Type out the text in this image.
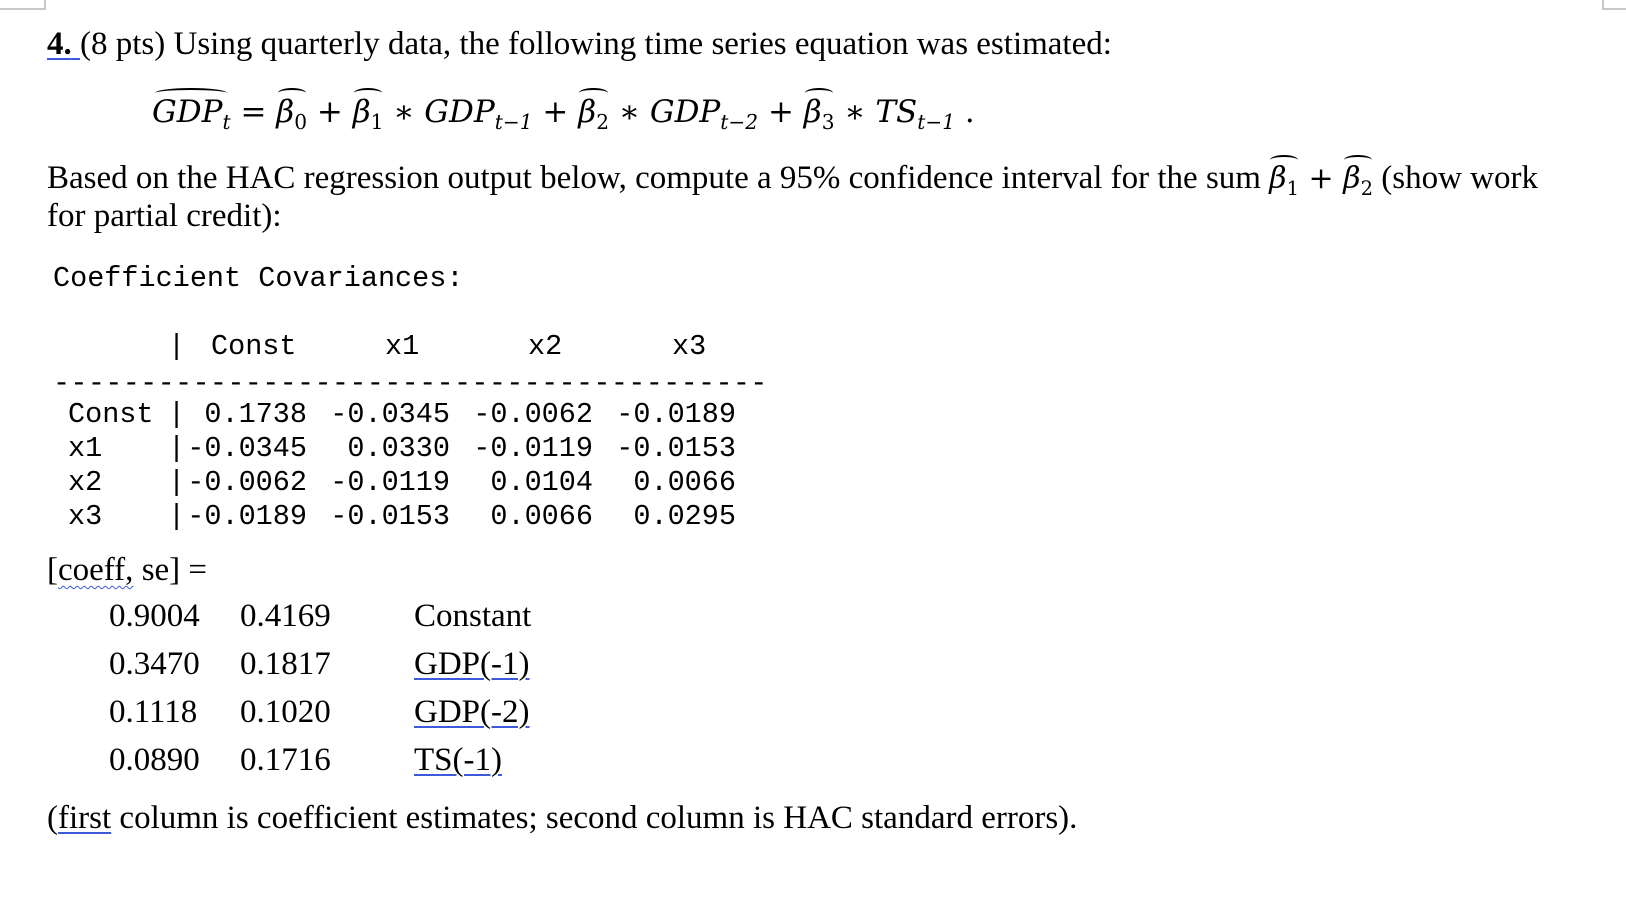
4. (8 pts) Using quarterly data, the following time series equation was estimated:
$GDP_t = \beta_0 + \beta_1$ ∗ $GDP_{t-1} + \beta_2$ ∗ $GDP_{t-2} + \beta_3$ ∗ $TS_{t-1}$ .
Based on the HAC regression output below, compute a 95% confidence interval for the sum $\beta_1 + \beta_2$ (show work
for partial credit):
Coefficient Covariances:
| Const	x1	x2	x3
-----------------------------------------
Const | 0.1738 -0.0345 -0.0062 -0.0189
x1 | -0.0345 0.0330 -0.0119 -0.0153
x2 | -0.0062 -0.0119 0.0104 0.0066
x3 | -0.0189 -0.0153 0.0066 0.0295
[coeff, se] =
0.9004 0.4169	Constant
0.3470 0.1817	GDP(-1)
0.1118 0.1020	GDP(-2)
0.0890 0.1716	TS(-1)
(first column is coefficient estimates; second column is HAC standard errors).
